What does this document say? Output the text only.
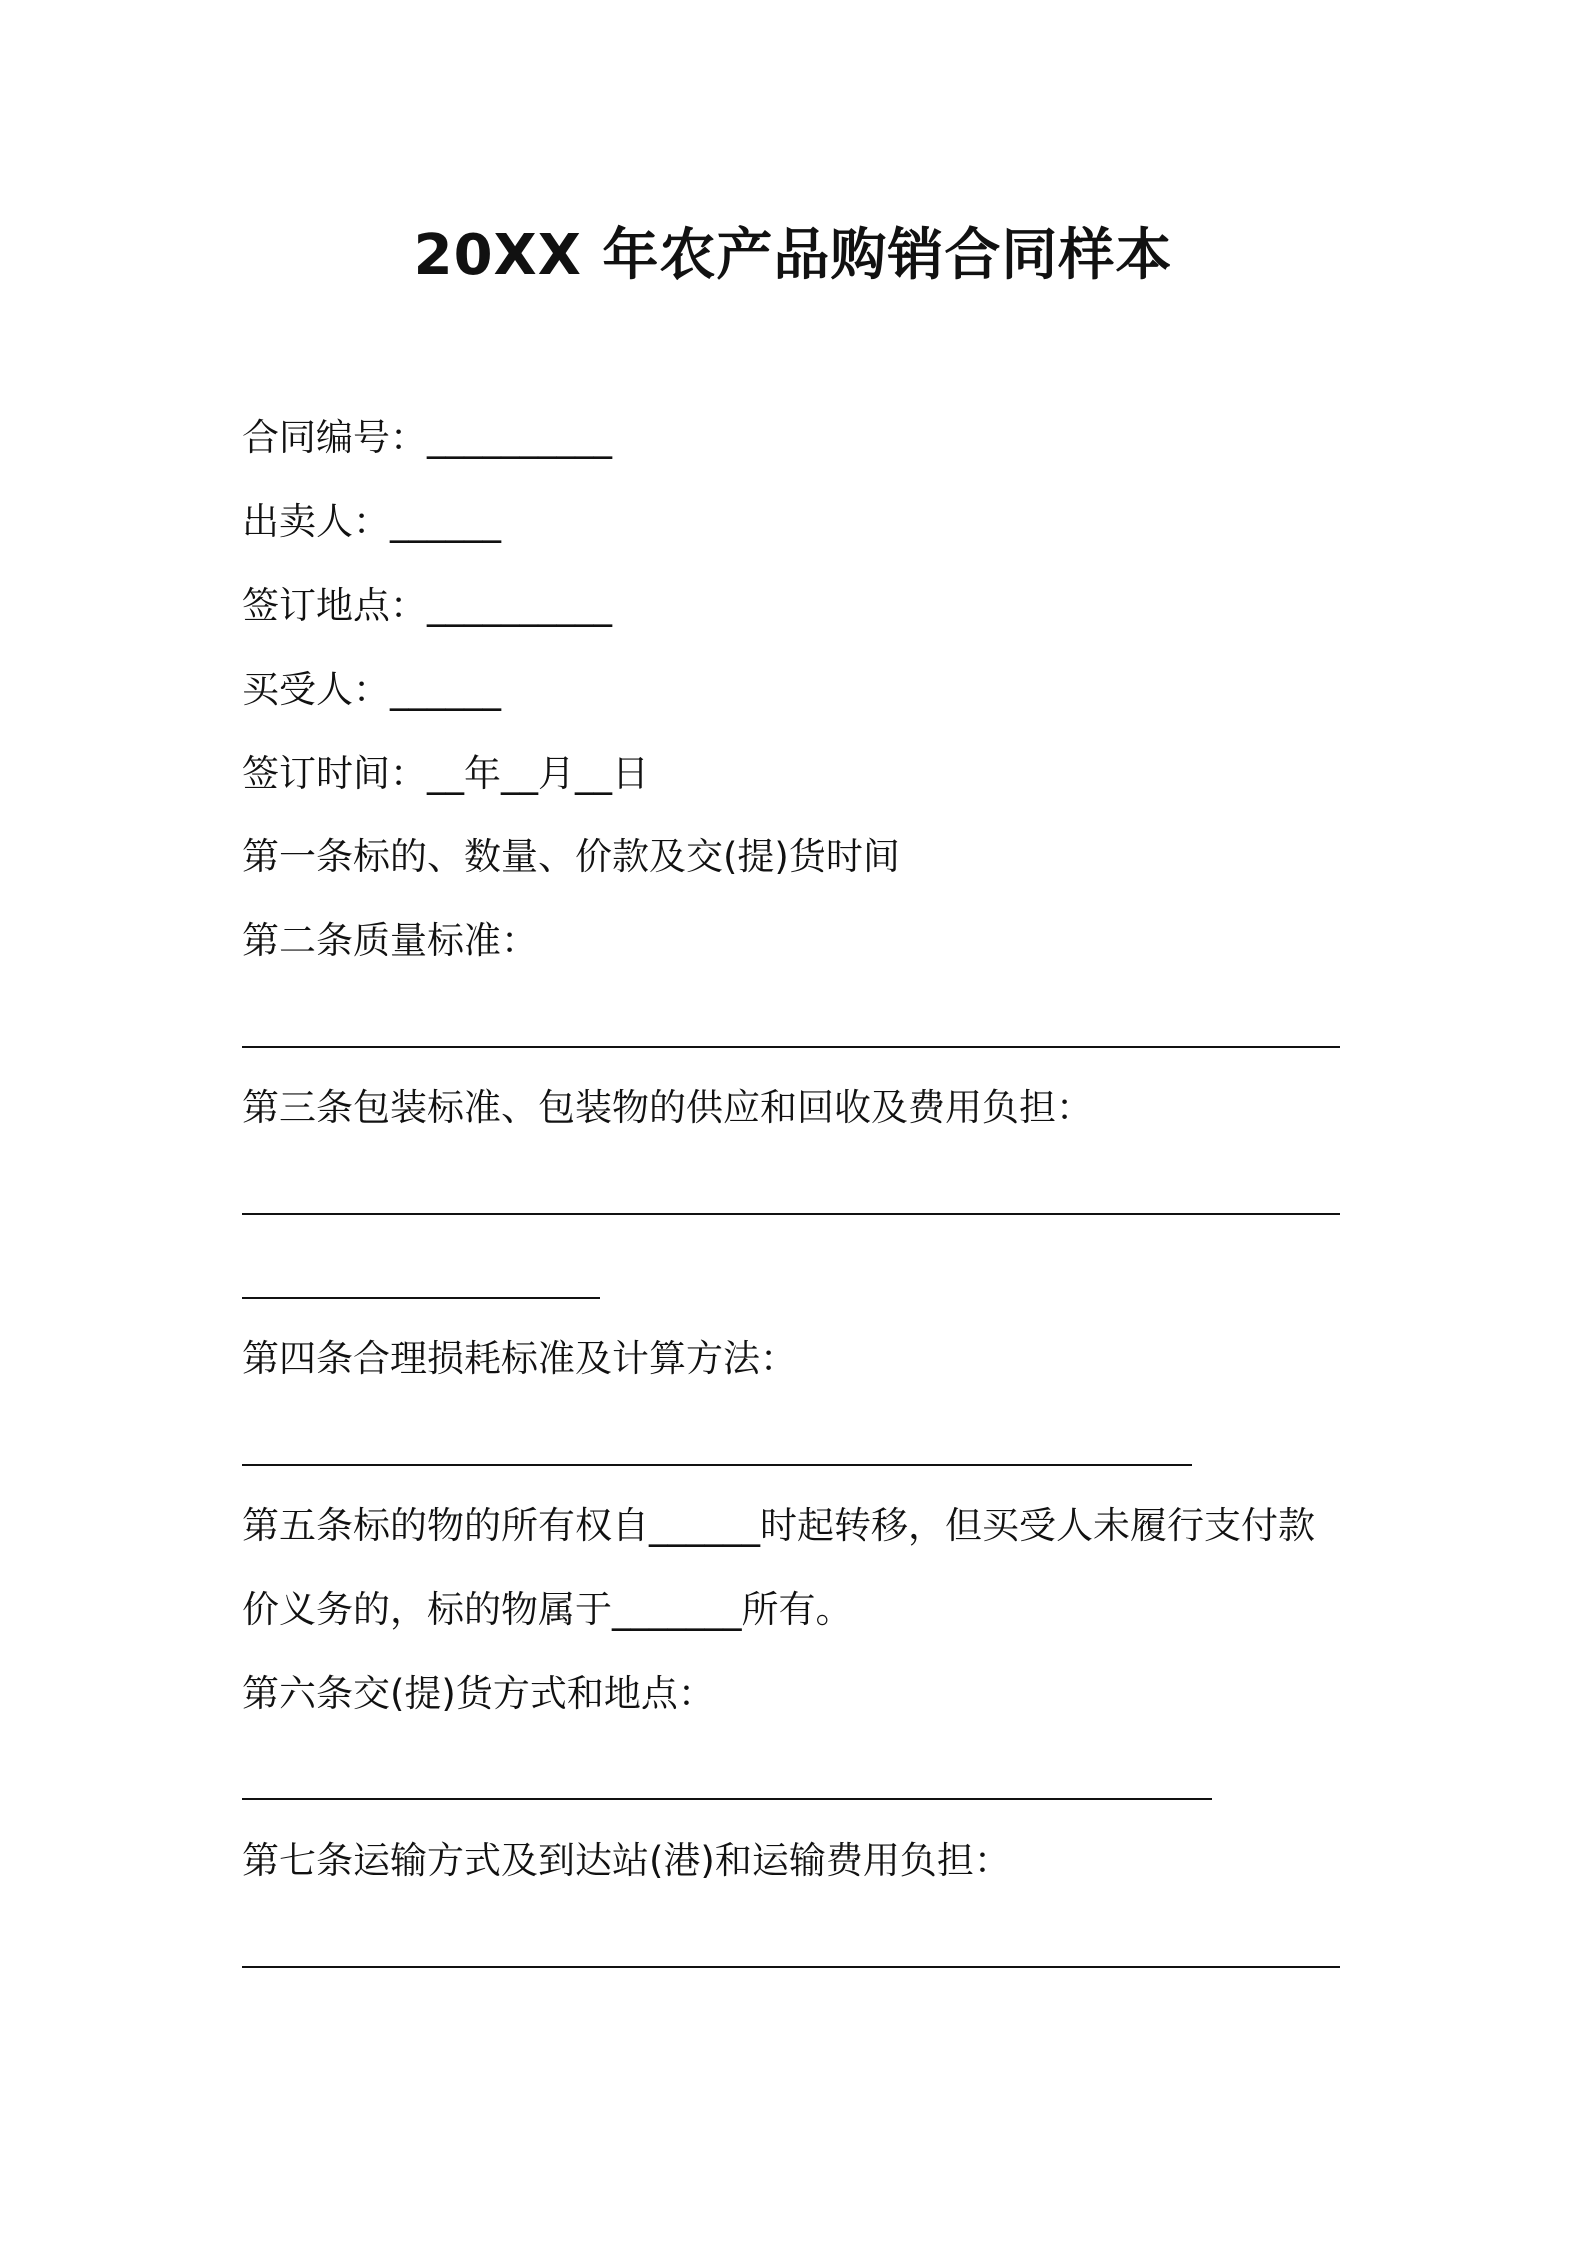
20XX 年农产品购销合同样本

合同编号：__________

出卖人：______

签订地点：__________

买受人：______

签订时间：__年__月__日

第一条标的、数量、价款及交(提)货时间

第二条质量标准：

第三条包装标准、包装物的供应和回收及费用负担：

第四条合理损耗标准及计算方法：

第五条标的物的所有权自______时起转移，但买受人未履行支付款

价义务的，标的物属于_______所有。

第六条交(提)货方式和地点：

第七条运输方式及到达站(港)和运输费用负担：
